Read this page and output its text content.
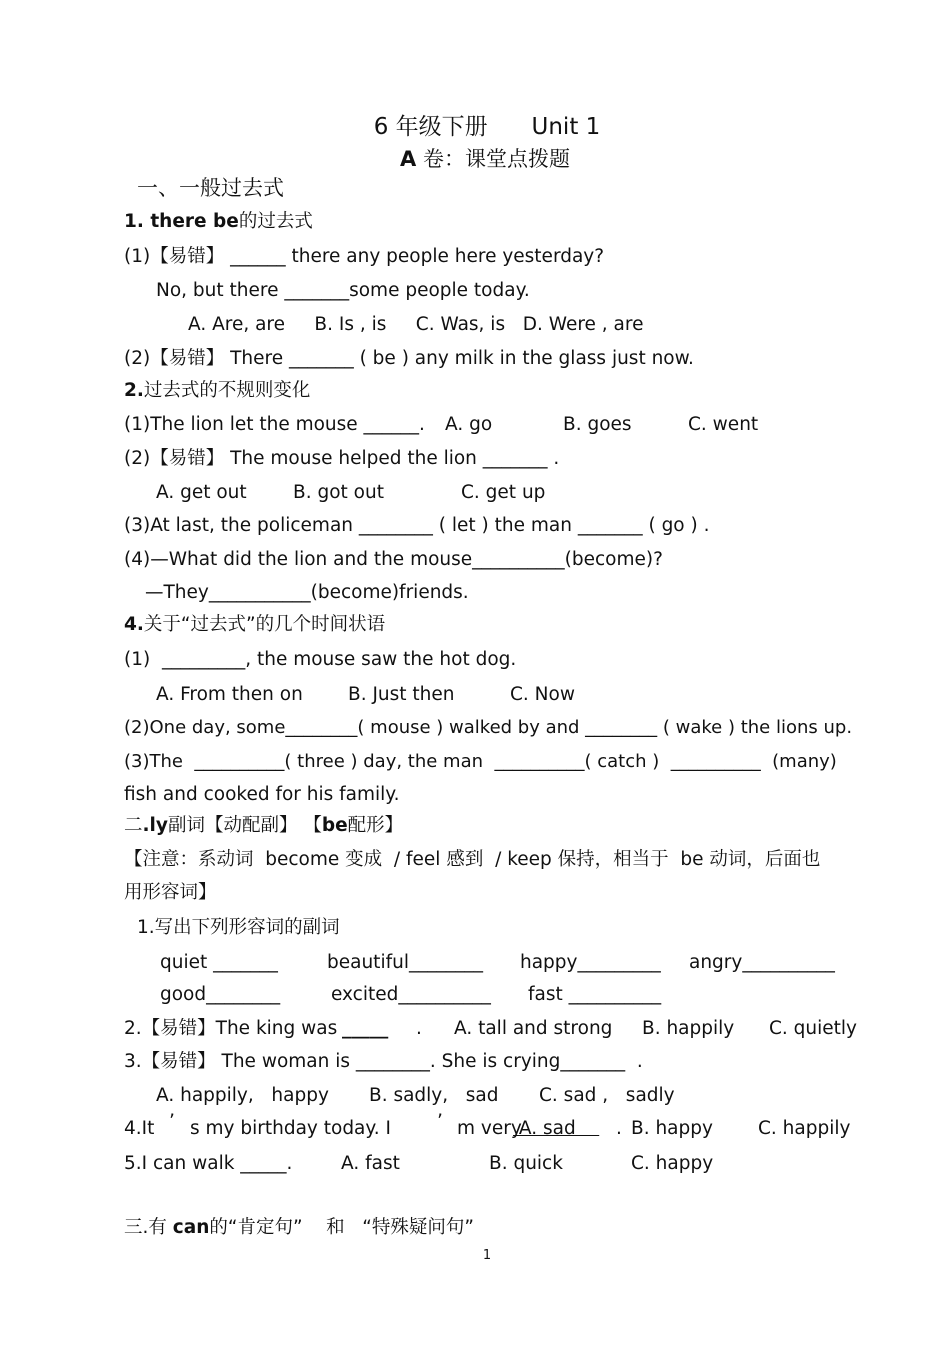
6 年级下册      Unit 1
A 卷：课堂点拨题
一、一般过去式
1. there be的过去式
(1)【易错】 ______ there any people here yesterday?
No, but there _______some people today.
A. Are, are     B. Is , is     C. Was, is   D. Were , are
(2)【易错】 There _______ ( be ) any milk in the glass just now.
2.过去式的不规则变化
(1)The lion let the mouse ______. A. go	B. goes	C. went
(2)【易错】 The mouse helped the lion _______ .
A. get out	B. got out	C. get up
(3)At last, the policeman ________ ( let ) the man _______ ( go ) .
(4)—What did the lion and the mouse__________(become)?
—They___________(become)friends.
4.关于“过去式”的几个时间状语
(1)  _________, the mouse saw the hot dog.
A. From then on B. Just then	C. Now
(2)One day, some________( mouse ) walked by and ________ ( wake ) the lions up.
(3)The  __________( three ) day, the man  __________( catch )  __________  (many)
fish and cooked for his family.
二.ly副词【动配副】 【be配形】
【注意：系动词  become 变成  / feel 感到  / keep 保持，相当于  be 动词，后面也
用形容词】
1.写出下列形容词的副词
quiet _______	beautiful________ happy_________ angry__________
good________	excited__________ fast __________
2.【易错】The king was _____ . A. tall and strong B. happily C. quietly
3.【易错】 The woman is ________. She is crying_______  .
A. happily,   happy B. sadly,   sad C. sad ,   sadly
4.It ’ s my birthday today. I ’ m very
A. sad . B. happy C. happily
5.I can walk _____.	A. fast	B. quick	C. happy
三.有 can的“肯定句”    和   “特殊疑问句”
1
